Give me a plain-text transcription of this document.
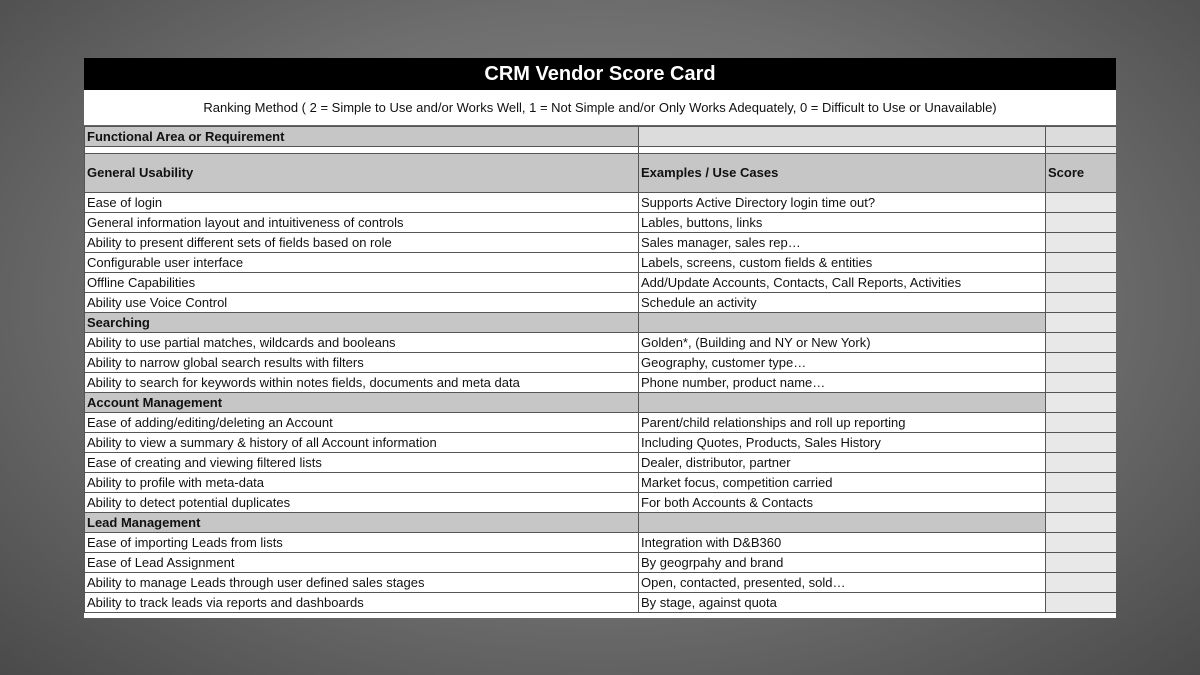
CRM Vendor Score Card
Ranking Method ( 2 = Simple to Use and/or Works Well, 1 = Not Simple and/or Only Works Adequately, 0 = Difficult to Use or Unavailable)
Functional Area or Requirement		

General Usability	Examples / Use Cases	Score
Ease of login	Supports Active Directory login time out?	
General information layout and intuitiveness of controls	Lables, buttons, links	
Ability to present different sets of fields based on role	Sales manager, sales rep…	
Configurable user interface	Labels, screens, custom fields & entities	
Offline Capabilities	Add/Update Accounts, Contacts, Call Reports, Activities	
Ability use Voice Control	Schedule an activity	
Searching		
Ability to use partial matches, wildcards and booleans	Golden*, (Building and NY or New York)	
Ability to narrow global search results with filters	Geography, customer type…	
Ability to search for keywords within notes fields, documents and meta data	Phone number, product name…	
Account Management		
Ease of adding/editing/deleting an Account	Parent/child relationships and roll up reporting	
Ability to view a summary & history of all Account information	Including Quotes, Products, Sales History	
Ease of creating and viewing filtered lists	Dealer, distributor, partner	
Ability to profile with meta-data	Market focus, competition carried	
Ability to detect potential duplicates	For both Accounts & Contacts	
Lead Management		
Ease of importing Leads from lists	Integration with D&B360	
Ease of Lead Assignment	By geogrpahy and brand	
Ability to manage Leads through user defined sales stages	Open, contacted, presented, sold…	
Ability to track leads via reports and dashboards	By stage, against quota	
